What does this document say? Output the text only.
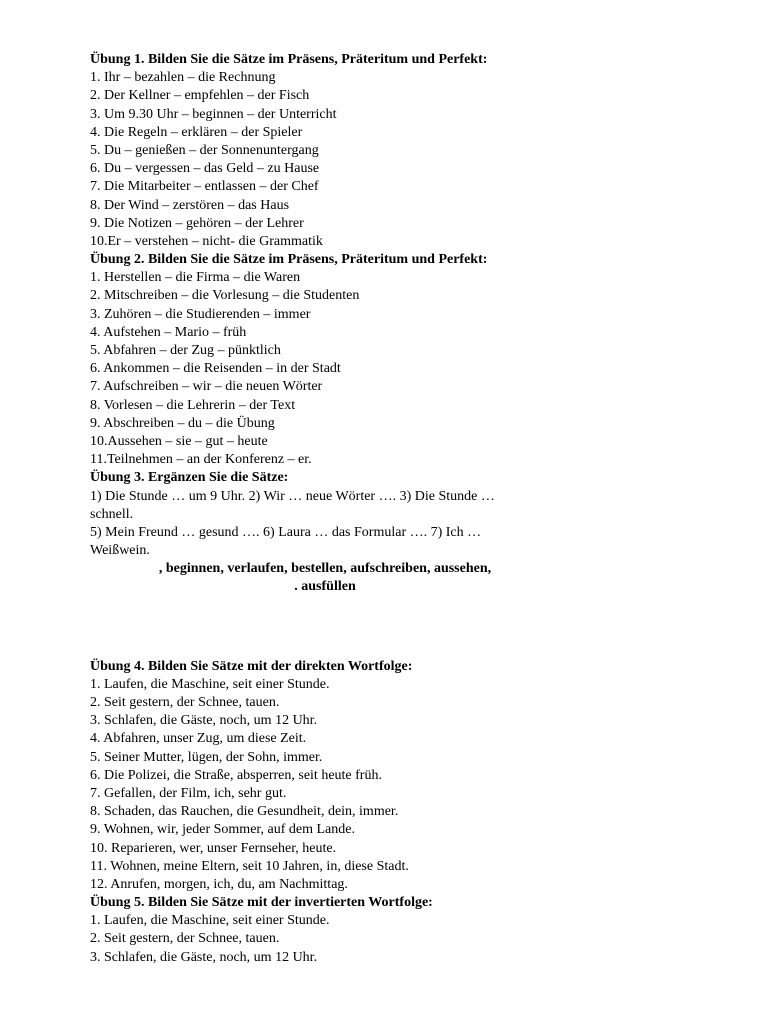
Übung 1. Bilden Sie die Sätze im Präsens, Präteritum und Perfekt:
1. Ihr – bezahlen – die Rechnung
2. Der Kellner – empfehlen – der Fisch
3. Um 9.30 Uhr – beginnen – der Unterricht
4. Die Regeln – erklären – der Spieler
5. Du – genießen – der Sonnenuntergang
6. Du – vergessen – das Geld – zu Hause
7. Die Mitarbeiter – entlassen – der Chef
8. Der Wind – zerstören – das Haus
9. Die Notizen – gehören – der Lehrer
10.Er – verstehen – nicht- die Grammatik
Übung 2. Bilden Sie die Sätze im Präsens, Präteritum und Perfekt:
1. Herstellen – die Firma – die Waren
2. Mitschreiben – die Vorlesung – die Studenten
3. Zuhören – die Studierenden – immer
4. Aufstehen – Mario – früh
5. Abfahren – der Zug – pünktlich
6. Ankommen – die Reisenden – in der Stadt
7. Aufschreiben – wir – die neuen Wörter
8. Vorlesen – die Lehrerin – der Text
9. Abschreiben – du – die Übung
10.Aussehen – sie – gut – heute
11.Teilnehmen – an der Konferenz – er.
Übung 3. Ergänzen Sie die Sätze:
1) Die Stunde … um 9 Uhr. 2) Wir … neue Wörter …. 3) Die Stunde …
schnell.
5) Mein Freund … gesund …. 6) Laura … das Formular …. 7) Ich …
Weißwein.
, beginnen, verlaufen, bestellen, aufschreiben, aussehen,
. ausfüllen
Übung 4. Bilden Sie Sätze mit der direkten Wortfolge:
1. Laufen, die Maschine, seit einer Stunde.
2. Seit gestern, der Schnee, tauen.
3. Schlafen, die Gäste, noch, um 12 Uhr.
4. Abfahren, unser Zug, um diese Zeit.
5. Seiner Mutter, lügen, der Sohn, immer.
6. Die Polizei, die Straße, absperren, seit heute früh.
7. Gefallen, der Film, ich, sehr gut.
8. Schaden, das Rauchen, die Gesundheit, dein, immer.
9. Wohnen, wir, jeder Sommer, auf dem Lande.
10. Reparieren, wer, unser Fernseher, heute.
11. Wohnen, meine Eltern, seit 10 Jahren, in, diese Stadt.
12. Anrufen, morgen, ich, du, am Nachmittag.
Übung 5. Bilden Sie Sätze mit der invertierten Wortfolge:
1. Laufen, die Maschine, seit einer Stunde.
2. Seit gestern, der Schnee, tauen.
3. Schlafen, die Gäste, noch, um 12 Uhr.
